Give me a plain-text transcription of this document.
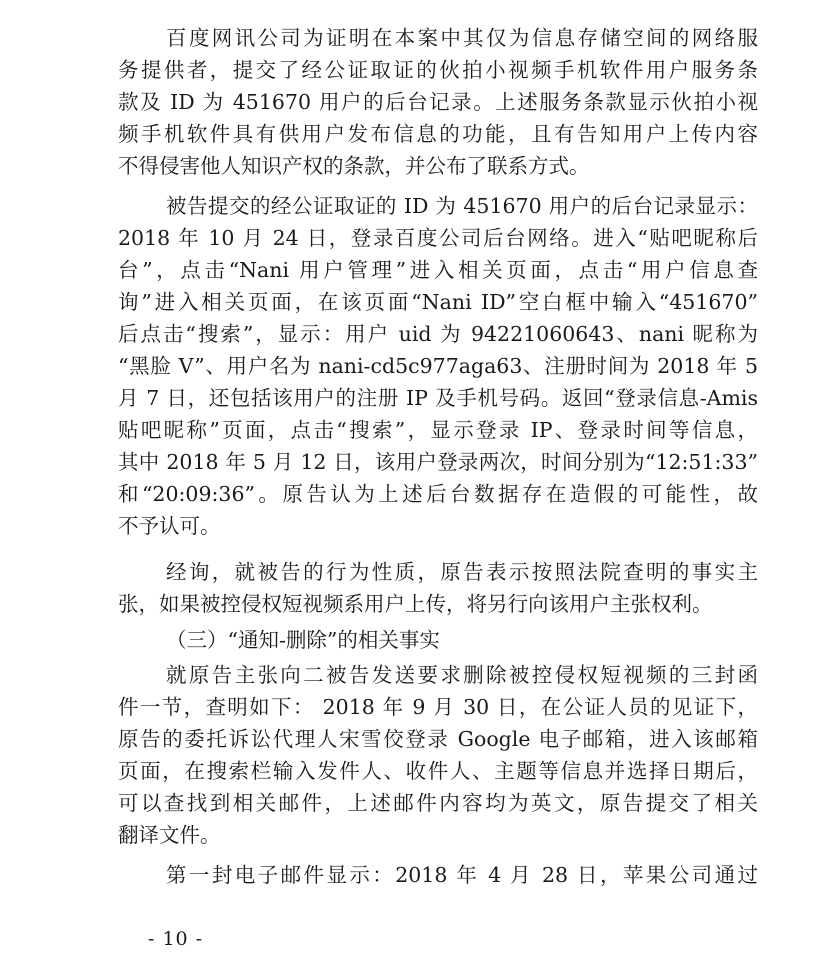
百度网讯公司为证明在本案中其仅为信息存储空间的网络服
务提供者，提交了经公证取证的伙拍小视频手机软件用户服务条
款及 ID 为 451670 用户的后台记录。上述服务条款显示伙拍小视
频手机软件具有供用户发布信息的功能，且有告知用户上传内容
不得侵害他人知识产权的条款，并公布了联系方式。
被告提交的经公证取证的 ID 为 451670 用户的后台记录显示：
2018 年 10 月 24 日，登录百度公司后台网络。进入“贴吧昵称后
台”，点击“Nani 用户管理”进入相关页面，点击“用户信息查
询”进入相关页面，在该页面“Nani ID”空白框中输入“451670”
后点击“搜索”，显示：用户 uid 为 94221060643、nani 昵称为
“黑脸 V”、用户名为 nani-cd5c977aga63、注册时间为 2018 年 5
月 7 日，还包括该用户的注册 IP 及手机号码。返回“登录信息-Amis
贴吧昵称”页面，点击“搜索”，显示登录 IP、登录时间等信息，
其中 2018 年 5 月 12 日，该用户登录两次，时间分别为“12:51:33”
和“20:09:36”。原告认为上述后台数据存在造假的可能性，故
不予认可。
经询，就被告的行为性质，原告表示按照法院查明的事实主
张，如果被控侵权短视频系用户上传，将另行向该用户主张权利。
（三）“通知-删除”的相关事实
就原告主张向二被告发送要求删除被控侵权短视频的三封函
件一节，查明如下： 2018 年 9 月 30 日，在公证人员的见证下，
原告的委托诉讼代理人宋雪佼登录 Google 电子邮箱，进入该邮箱
页面，在搜索栏输入发件人、收件人、主题等信息并选择日期后，
可以查找到相关邮件，上述邮件内容均为英文，原告提交了相关
翻译文件。
第一封电子邮件显示：2018 年 4 月 28 日，苹果公司通过
- 10 -
